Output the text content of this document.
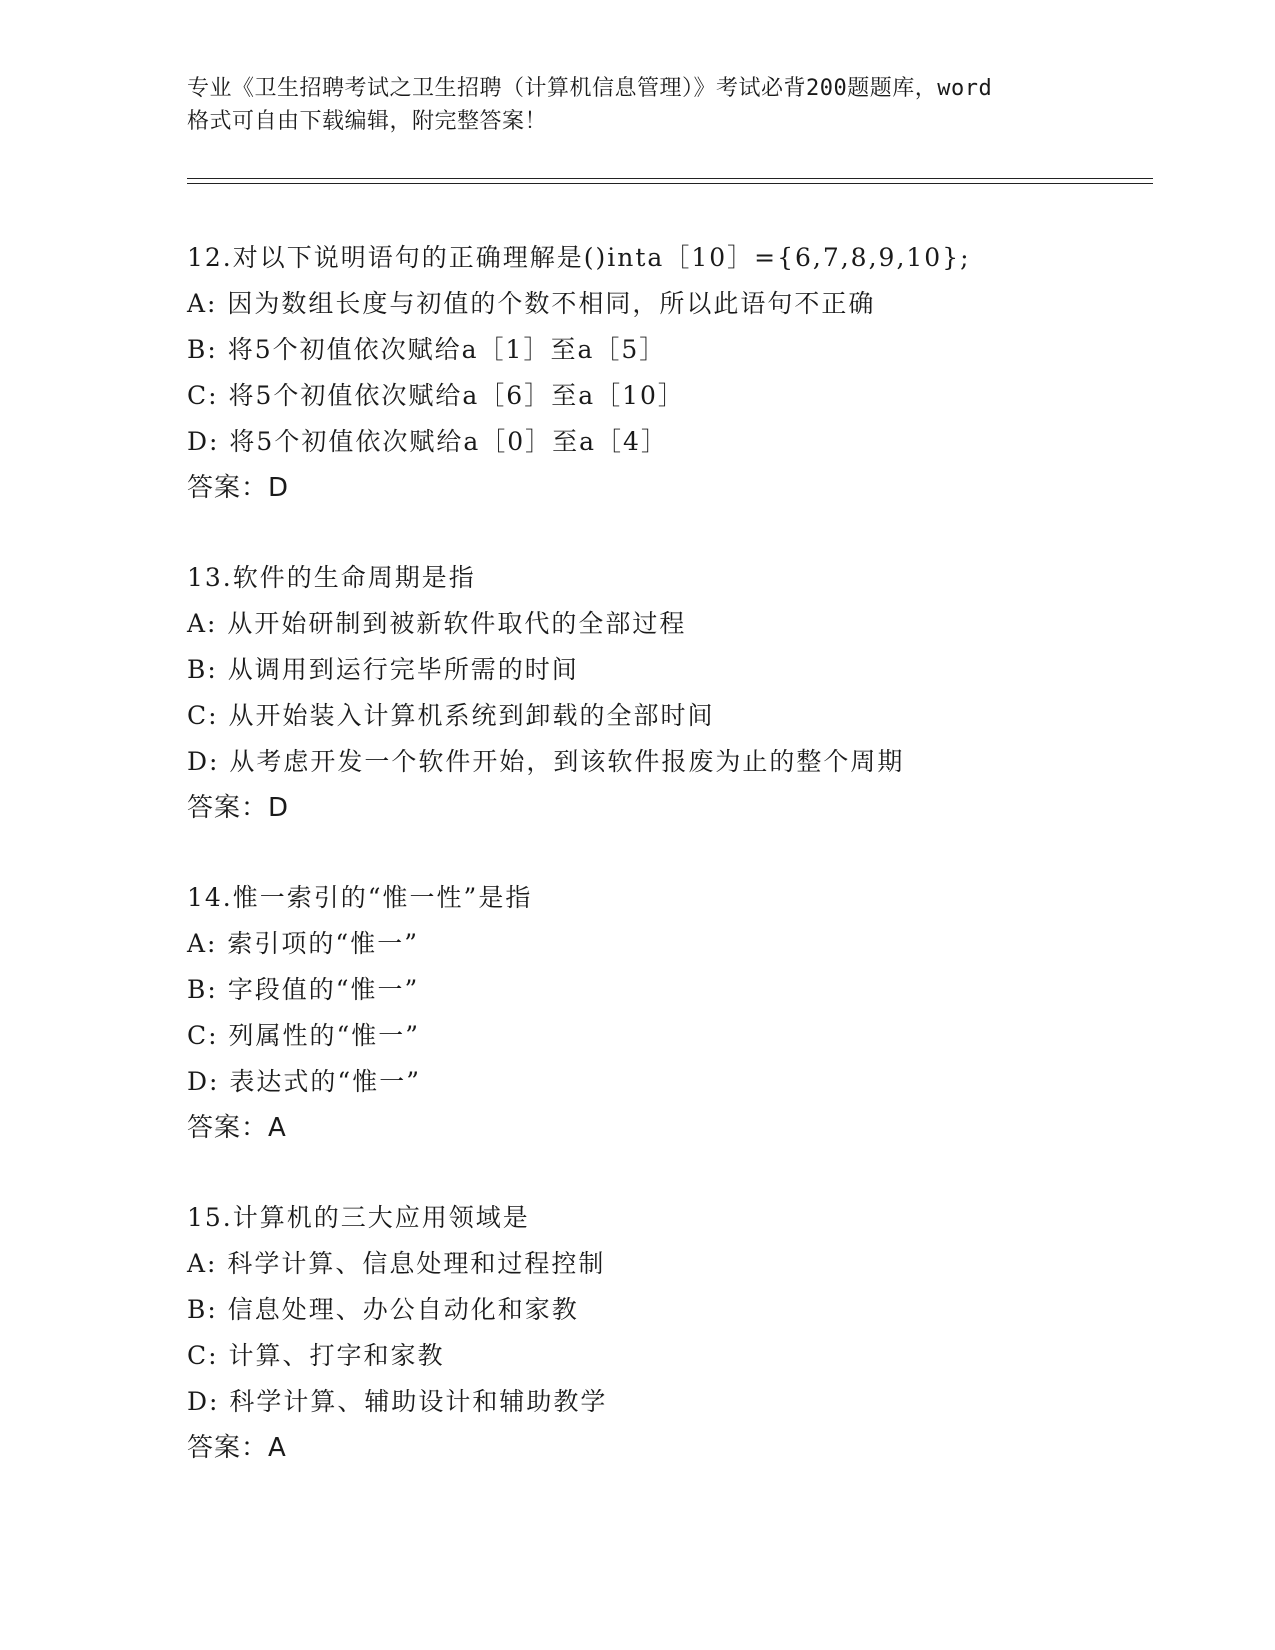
专业《卫生招聘考试之卫生招聘（计算机信息管理）》考试必背200题题库，word
格式可自由下载编辑，附完整答案！
12.对以下说明语句的正确理解是()inta［10］={6,7,8,9,10};
A: 因为数组长度与初值的个数不相同，所以此语句不正确
B: 将5个初值依次赋给a［1］至a［5］
C: 将5个初值依次赋给a［6］至a［10］
D: 将5个初值依次赋给a［0］至a［4］
答案：D
13.软件的生命周期是指
A: 从开始研制到被新软件取代的全部过程
B: 从调用到运行完毕所需的时间
C: 从开始装入计算机系统到卸载的全部时间
D: 从考虑开发一个软件开始，到该软件报废为止的整个周期
答案：D
14.惟一索引的“惟一性”是指
A: 索引项的“惟一”
B: 字段值的“惟一”
C: 列属性的“惟一”
D: 表达式的“惟一”
答案：A
15.计算机的三大应用领域是
A: 科学计算、信息处理和过程控制
B: 信息处理、办公自动化和家教
C: 计算、打字和家教
D: 科学计算、辅助设计和辅助教学
答案：A
